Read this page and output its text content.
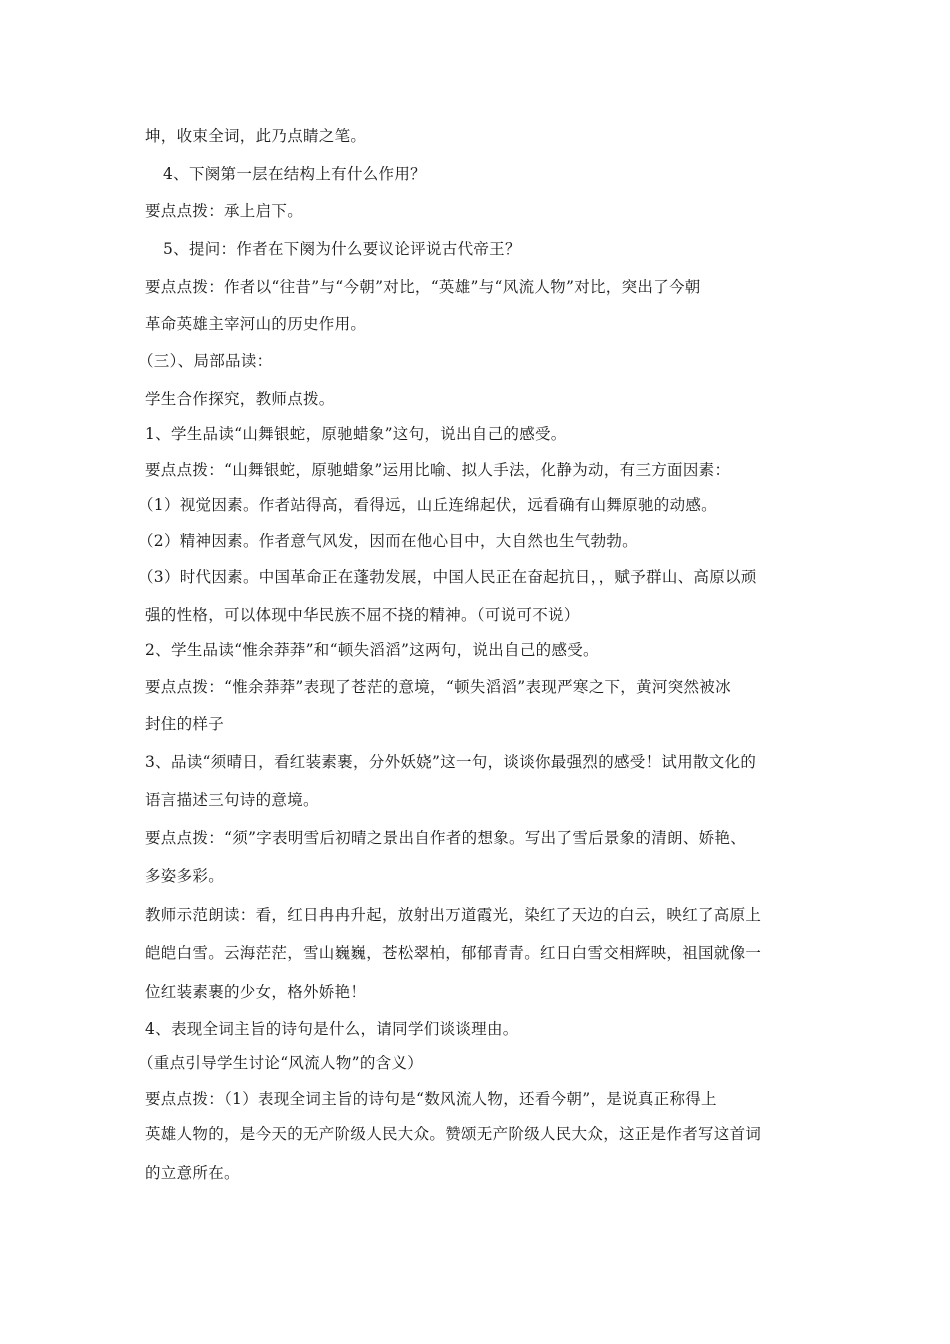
坤，收束全词，此乃点睛之笔。
4、下阕第一层在结构上有什么作用？
要点点拨：承上启下。
5、提问：作者在下阕为什么要议论评说古代帝王？
要点点拨：作者以“往昔”与“今朝”对比，“英雄”与“风流人物”对比，突出了今朝
革命英雄主宰河山的历史作用。
（三）、局部品读：
学生合作探究，教师点拨。
1、学生品读“山舞银蛇，原驰蜡象”这句，说出自己的感受。
要点点拨：“山舞银蛇，原驰蜡象”运用比喻、拟人手法，化静为动，有三方面因素：
（1）视觉因素。作者站得高，看得远，山丘连绵起伏，远看确有山舞原驰的动感。
（2）精神因素。作者意气风发，因而在他心目中，大自然也生气勃勃。
（3）时代因素。中国革命正在蓬勃发展，中国人民正在奋起抗日，，赋予群山、高原以顽
强的性格，可以体现中华民族不屈不挠的精神。（可说可不说）
2、学生品读“惟余莽莽”和“顿失滔滔”这两句，说出自己的感受。
要点点拨：“惟余莽莽”表现了苍茫的意境，“顿失滔滔”表现严寒之下，黄河突然被冰
封住的样子
3、品读“须晴日，看红装素裹，分外妖娆”这一句，谈谈你最强烈的感受！试用散文化的
语言描述三句诗的意境。
要点点拨：“须”字表明雪后初晴之景出自作者的想象。写出了雪后景象的清朗、娇艳、
多姿多彩。
教师示范朗读：看，红日冉冉升起，放射出万道霞光，染红了天边的白云，映红了高原上
皑皑白雪。云海茫茫，雪山巍巍，苍松翠柏，郁郁青青。红日白雪交相辉映，祖国就像一
位红装素裹的少女，格外娇艳！
4、表现全词主旨的诗句是什么，请同学们谈谈理由。
（重点引导学生讨论“风流人物”的含义）
要点点拨：（1）表现全词主旨的诗句是“数风流人物，还看今朝”，是说真正称得上
英雄人物的，是今天的无产阶级人民大众。赞颂无产阶级人民大众，这正是作者写这首词
的立意所在。
